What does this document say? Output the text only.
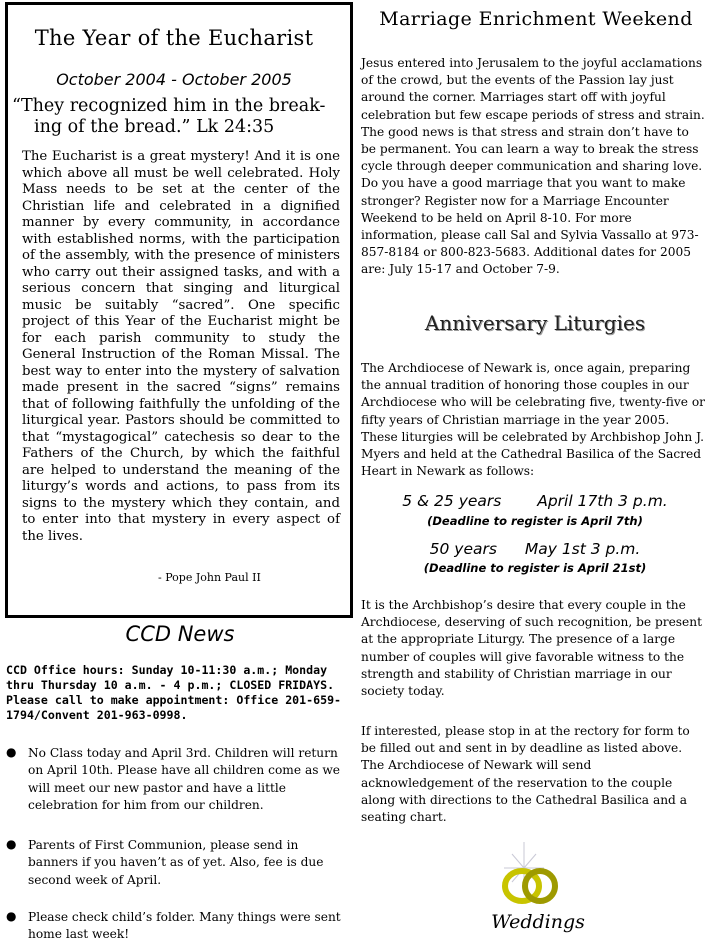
The Year of the Eucharist
October 2004 - October 2005
“They recognized him in the break-
ing of the bread.” Lk 24:35
The Eucharist is a great mystery! And it is one which above all must be well celebrated. Holy Mass needs to be set at the center of the Christian life and celebrated in a dignified manner by every community, in accordance with established norms, with the participation of the assembly, with the presence of ministers who carry out their assigned tasks, and with a serious concern that singing and liturgical music be suitably “sacred”. One specific project of this Year of the Eucharist might be for each parish community to study the General Instruction of the Roman Missal. The best way to enter into the mystery of salvation made present in the sacred “signs” remains that of following faithfully the unfolding of the liturgical year. Pastors should be committed to that “mystagogical” catechesis so dear to the Fathers of the Church, by which the faithful are helped to understand the meaning of the liturgy’s words and actions, to pass from its signs to the mystery which they contain, and to enter into that mystery in every aspect of the lives.
- Pope John Paul II
CCD News
CCD Office hours: Sunday 10-11:30 a.m.; Monday thru Thursday 10 a.m. - 4 p.m.; CLOSED FRIDAYS. Please call to make appointment: Office 201-659-1794/Convent 201-963-0998.
● No Class today and April 3rd. Children will return on April 10th. Please have all children come as we will meet our new pastor and have a little celebration for him from our children.
● Parents of First Communion, please send in banners if you haven’t as of yet. Also, fee is due second week of April.
● Please check child’s folder. Many things were sent home last week!
Marriage Enrichment Weekend
Jesus entered into Jerusalem to the joyful acclamations of the crowd, but the events of the Passion lay just around the corner. Marriages start off with joyful celebration but few escape periods of stress and strain. The good news is that stress and strain don’t have to be permanent. You can learn a way to break the stress cycle through deeper communication and sharing love. Do you have a good marriage that you want to make stronger? Register now for a Marriage Encounter Weekend to be held on April 8-10. For more information, please call Sal and Sylvia Vassallo at 973-857-8184 or 800-823-5683. Additional dates for 2005 are: July 15-17 and October 7-9.
Anniversary Liturgies
The Archdiocese of Newark is, once again, preparing the annual tradition of honoring those couples in our Archdiocese who will be celebrating five, twenty-five or fifty years of Christian marriage in the year 2005. These liturgies will be celebrated by Archbishop John J. Myers and held at the Cathedral Basilica of the Sacred Heart in Newark as follows:
5 & 25 years April 17th 3 p.m.
(Deadline to register is April 7th)
50 years May 1st 3 p.m.
(Deadline to register is April 21st)
It is the Archbishop’s desire that every couple in the Archdiocese, deserving of such recognition, be present at the appropriate Liturgy. The presence of a large number of couples will give favorable witness to the strength and stability of Christian marriage in our society today.
If interested, please stop in at the rectory for form to be filled out and sent in by deadline as listed above. The Archdiocese of Newark will send acknowledgement of the reservation to the couple along with directions to the Cathedral Basilica and a seating chart.
Weddings
